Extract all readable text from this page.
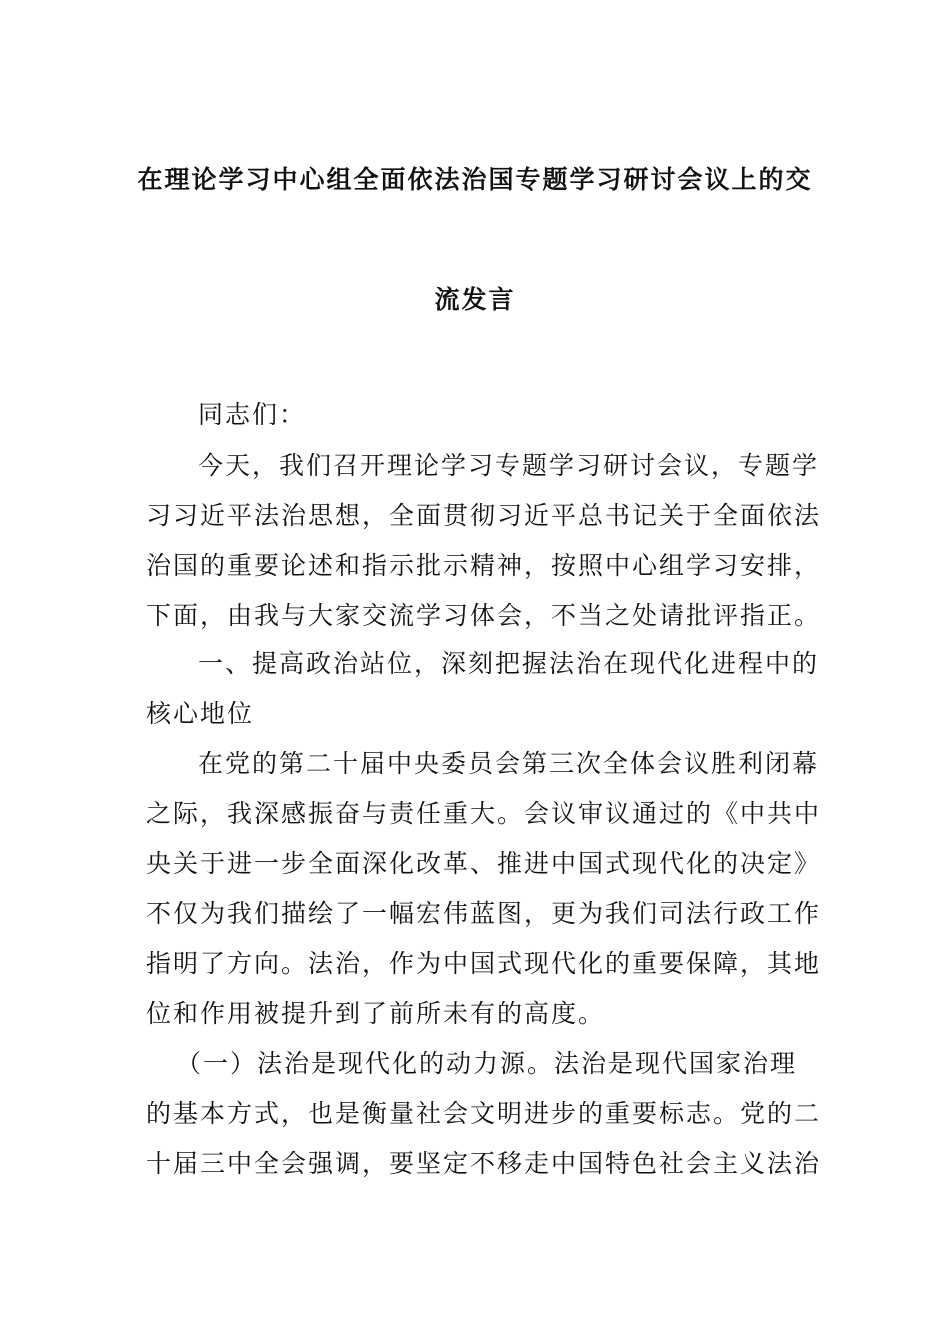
在理论学习中心组全面依法治国专题学习研讨会议上的交
流发言
同志们：
今天，我们召开理论学习专题学习研讨会议，专题学
习习近平法治思想，全面贯彻习近平总书记关于全面依法
治国的重要论述和指示批示精神，按照中心组学习安排，
下面，由我与大家交流学习体会，不当之处请批评指正。
一、提高政治站位，深刻把握法治在现代化进程中的
核心地位
在党的第二十届中央委员会第三次全体会议胜利闭幕
之际，我深感振奋与责任重大。会议审议通过的《中共中
央关于进一步全面深化改革、推进中国式现代化的决定》
不仅为我们描绘了一幅宏伟蓝图，更为我们司法行政工作
指明了方向。法治，作为中国式现代化的重要保障，其地
位和作用被提升到了前所未有的高度。
（一）法治是现代化的动力源。法治是现代国家治理
的基本方式，也是衡量社会文明进步的重要标志。党的二
十届三中全会强调，要坚定不移走中国特色社会主义法治
